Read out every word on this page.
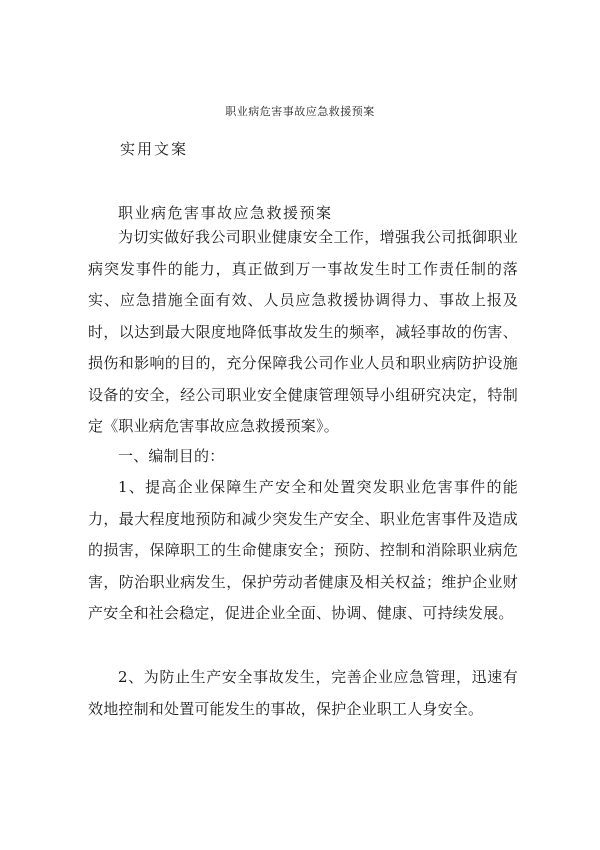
职业病危害事故应急救援预案
实用文案
职业病危害事故应急救援预案
为切实做好我公司职业健康安全工作，增强我公司抵御职业病突发事件的能力，真正做到万一事故发生时工作责任制的落实、应急措施全面有效、人员应急救援协调得力、事故上报及时，以达到最大限度地降低事故发生的频率，减轻事故的伤害、损伤和影响的目的，充分保障我公司作业人员和职业病防护设施设备的安全，经公司职业安全健康管理领导小组研究决定，特制定《职业病危害事故应急救援预案》。
一、编制目的：
1、提高企业保障生产安全和处置突发职业危害事件的能力，最大程度地预防和减少突发生产安全、职业危害事件及造成的损害，保障职工的生命健康安全；预防、控制和消除职业病危害，防治职业病发生，保护劳动者健康及相关权益；维护企业财产安全和社会稳定，促进企业全面、协调、健康、可持续发展。
2、为防止生产安全事故发生，完善企业应急管理，迅速有效地控制和处置可能发生的事故，保护企业职工人身安全。
